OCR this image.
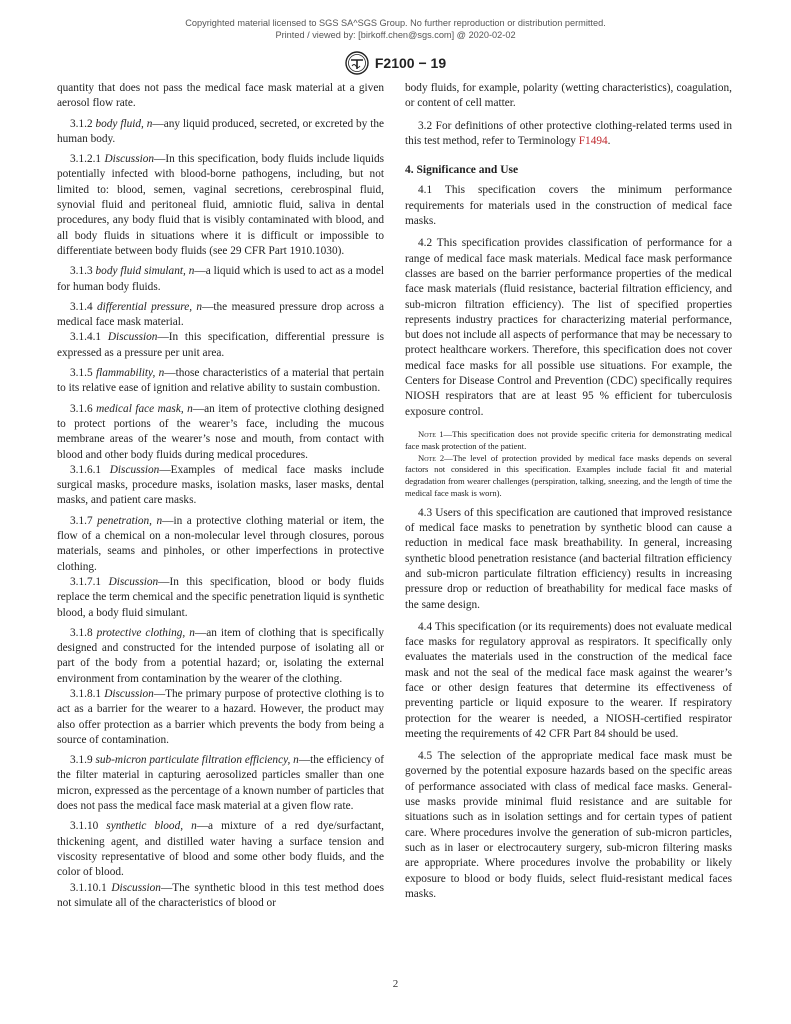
Copyrighted material licensed to SGS SA^SGS Group. No further reproduction or distribution permitted.
Printed / viewed by: [birkoff.chen@sgs.com] @ 2020-02-02
F2100 − 19

quantity that does not pass the medical face mask material at a given aerosol flow rate.

3.1.2 body fluid, n—any liquid produced, secreted, or excreted by the human body.

3.1.2.1 Discussion—In this specification, body fluids include liquids potentially infected with blood-borne pathogens, including, but not limited to: blood, semen, vaginal secretions, cerebrospinal fluid, synovial fluid and peritoneal fluid, amniotic fluid, saliva in dental procedures, any body fluid that is visibly contaminated with blood, and all body fluids in situations where it is difficult or impossible to differentiate between body fluids (see 29 CFR Part 1910.1030).

3.1.3 body fluid simulant, n—a liquid which is used to act as a model for human body fluids.

3.1.4 differential pressure, n—the measured pressure drop across a medical face mask material.

3.1.4.1 Discussion—In this specification, differential pressure is expressed as a pressure per unit area.

3.1.5 flammability, n—those characteristics of a material that pertain to its relative ease of ignition and relative ability to sustain combustion.

3.1.6 medical face mask, n—an item of protective clothing designed to protect portions of the wearer’s face, including the mucous membrane areas of the wearer’s nose and mouth, from contact with blood and other body fluids during medical procedures.

3.1.6.1 Discussion—Examples of medical face masks include surgical masks, procedure masks, isolation masks, laser masks, dental masks, and patient care masks.

3.1.7 penetration, n—in a protective clothing material or item, the flow of a chemical on a non-molecular level through closures, porous materials, seams and pinholes, or other imperfections in protective clothing.

3.1.7.1 Discussion—In this specification, blood or body fluids replace the term chemical and the specific penetration liquid is synthetic blood, a body fluid simulant.

3.1.8 protective clothing, n—an item of clothing that is specifically designed and constructed for the intended purpose of isolating all or part of the body from a potential hazard; or, isolating the external environment from contamination by the wearer of the clothing.

3.1.8.1 Discussion—The primary purpose of protective clothing is to act as a barrier for the wearer to a hazard. However, the product may also offer protection as a barrier which prevents the body from being a source of contamination.

3.1.9 sub-micron particulate filtration efficiency, n—the efficiency of the filter material in capturing aerosolized particles smaller than one micron, expressed as the percentage of a known number of particles that does not pass the medical face mask material at a given flow rate.

3.1.10 synthetic blood, n—a mixture of a red dye/surfactant, thickening agent, and distilled water having a surface tension and viscosity representative of blood and some other body fluids, and the color of blood.

3.1.10.1 Discussion—The synthetic blood in this test method does not simulate all of the characteristics of blood or

body fluids, for example, polarity (wetting characteristics), coagulation, or content of cell matter.

3.2 For definitions of other protective clothing-related terms used in this test method, refer to Terminology F1494.

4. Significance and Use

4.1 This specification covers the minimum performance requirements for materials used in the construction of medical face masks.

4.2 This specification provides classification of performance for a range of medical face mask materials. Medical face mask performance classes are based on the barrier performance properties of the medical face mask materials (fluid resistance, bacterial filtration efficiency, and sub-micron filtration efficiency). The list of specified properties represents industry practices for characterizing material performance, but does not include all aspects of performance that may be necessary to protect healthcare workers. Therefore, this specification does not cover medical face masks for all possible use situations. For example, the Centers for Disease Control and Prevention (CDC) specifically requires NIOSH respirators that are at least 95 % efficient for tuberculosis exposure control.

Note 1—This specification does not provide specific criteria for demonstrating medical face mask protection of the patient.

Note 2—The level of protection provided by medical face masks depends on several factors not considered in this specification. Examples include facial fit and material degradation from wearer challenges (perspiration, talking, sneezing, and the length of time the medical face mask is worn).

4.3 Users of this specification are cautioned that improved resistance of medical face masks to penetration by synthetic blood can cause a reduction in medical face mask breathability. In general, increasing synthetic blood penetration resistance (and bacterial filtration efficiency and sub-micron particulate filtration efficiency) results in increasing pressure drop or reduction of breathability for medical face masks of the same design.

4.4 This specification (or its requirements) does not evaluate medical face masks for regulatory approval as respirators. It specifically only evaluates the materials used in the construction of the medical face mask and not the seal of the medical face mask against the wearer’s face or other design features that determine its effectiveness of preventing particle or liquid exposure to the wearer. If respiratory protection for the wearer is needed, a NIOSH-certified respirator meeting the requirements of 42 CFR Part 84 should be used.

4.5 The selection of the appropriate medical face mask must be governed by the potential exposure hazards based on the specific areas of performance associated with class of medical face masks. General-use masks provide minimal fluid resistance and are suitable for situations such as in isolation settings and for certain types of patient care. Where procedures involve the generation of sub-micron particles, such as in laser or electrocautery surgery, sub-micron filtering masks are appropriate. Where procedures involve the probability or likely exposure to blood or body fluids, select fluid-resistant medical faces masks.

2
